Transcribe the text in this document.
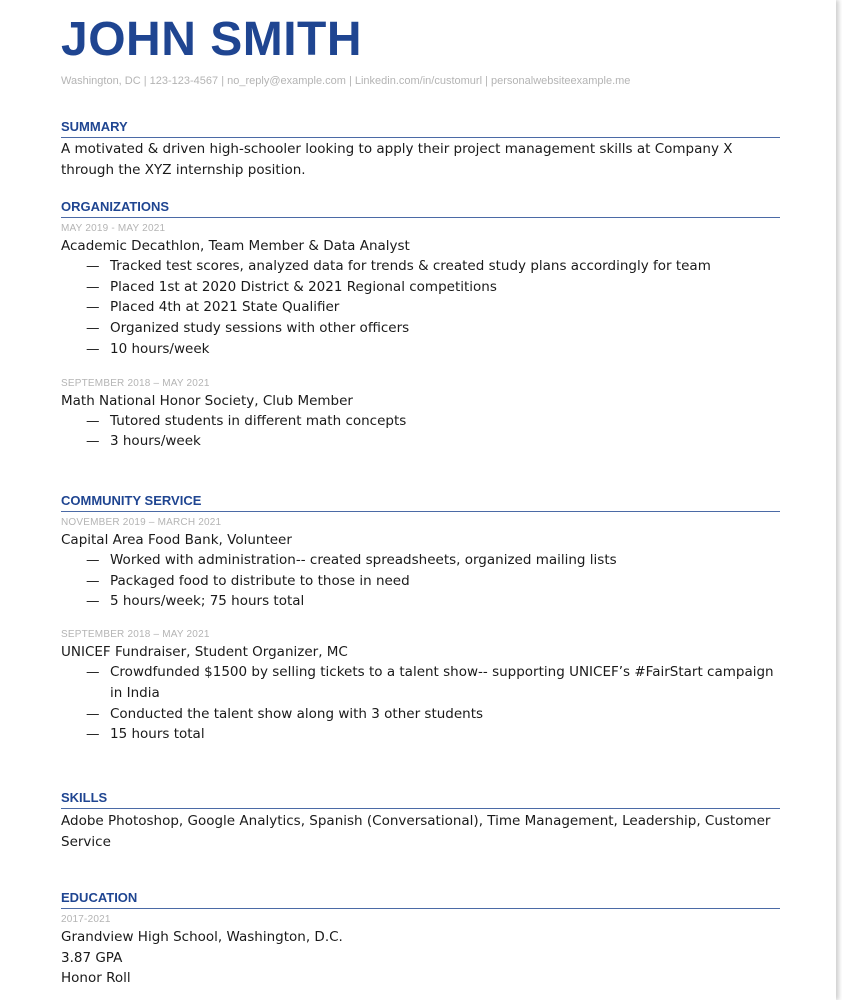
JOHN SMITH
Washington, DC | 123-123-4567 | no_reply@example.com | Linkedin.com/in/customurl | personalwebsiteexample.me
SUMMARY
A motivated & driven high-schooler looking to apply their project management skills at Company X through the XYZ internship position.
ORGANIZATIONS
MAY 2019 - MAY 2021
Academic Decathlon, Team Member & Data Analyst
— Tracked test scores, analyzed data for trends & created study plans accordingly for team
— Placed 1st at 2020 District & 2021 Regional competitions
— Placed 4th at 2021 State Qualifier
— Organized study sessions with other officers
— 10 hours/week
SEPTEMBER 2018 – MAY 2021
Math National Honor Society, Club Member
— Tutored students in different math concepts
— 3 hours/week
COMMUNITY SERVICE
NOVEMBER 2019 – MARCH 2021
Capital Area Food Bank, Volunteer
— Worked with administration-- created spreadsheets, organized mailing lists
— Packaged food to distribute to those in need
— 5 hours/week; 75 hours total
SEPTEMBER 2018 – MAY 2021
UNICEF Fundraiser, Student Organizer, MC
— Crowdfunded $1500 by selling tickets to a talent show-- supporting UNICEF’s #FairStart campaign in India
— Conducted the talent show along with 3 other students
— 15 hours total
SKILLS
Adobe Photoshop, Google Analytics, Spanish (Conversational), Time Management, Leadership, Customer Service
EDUCATION
2017-2021
Grandview High School, Washington, D.C.
3.87 GPA
Honor Roll
